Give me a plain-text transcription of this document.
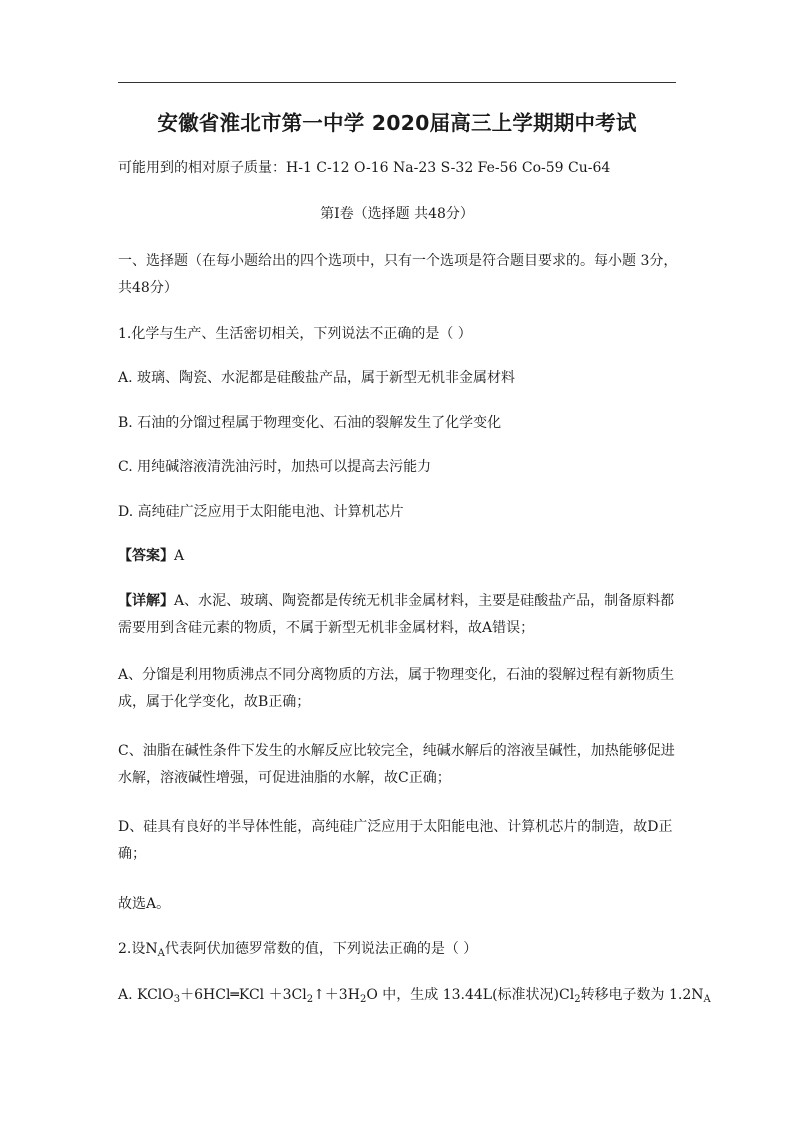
安徽省淮北市第一中学 2020届高三上学期期中考试
可能用到的相对原子质量：H-1 C-12 O-16 Na-23 S-32 Fe-56 Co-59 Cu-64
第Ⅰ卷（选择题 共48分）
一、选择题（在每小题给出的四个选项中，只有一个选项是符合题目要求的。每小题 3分，共48分）
1.化学与生产、生活密切相关，下列说法不正确的是（ ）
A. 玻璃、陶瓷、水泥都是硅酸盐产品，属于新型无机非金属材料
B. 石油的分馏过程属于物理变化、石油的裂解发生了化学变化
C. 用纯碱溶液清洗油污时，加热可以提高去污能力
D. 高纯硅广泛应用于太阳能电池、计算机芯片
【答案】A
【详解】A、水泥、玻璃、陶瓷都是传统无机非金属材料，主要是硅酸盐产品，制备原料都需要用到含硅元素的物质，不属于新型无机非金属材料，故A错误；
A、分馏是利用物质沸点不同分离物质的方法，属于物理变化，石油的裂解过程有新物质生成，属于化学变化，故B正确；
C、油脂在碱性条件下发生的水解反应比较完全，纯碱水解后的溶液呈碱性，加热能够促进水解，溶液碱性增强，可促进油脂的水解，故C正确；
D、硅具有良好的半导体性能，高纯硅广泛应用于太阳能电池、计算机芯片的制造，故D正确；
故选A。
2.设$N_A$代表阿伏加德罗常数的值，下列说法正确的是（ ）
A. KClO$_3$＋6HCl═KCl $+3Cl_2↑+3H_2O$ 中，生成 13.44L(标准状况)$Cl_2$转移电子数为 $1.2N_A$
